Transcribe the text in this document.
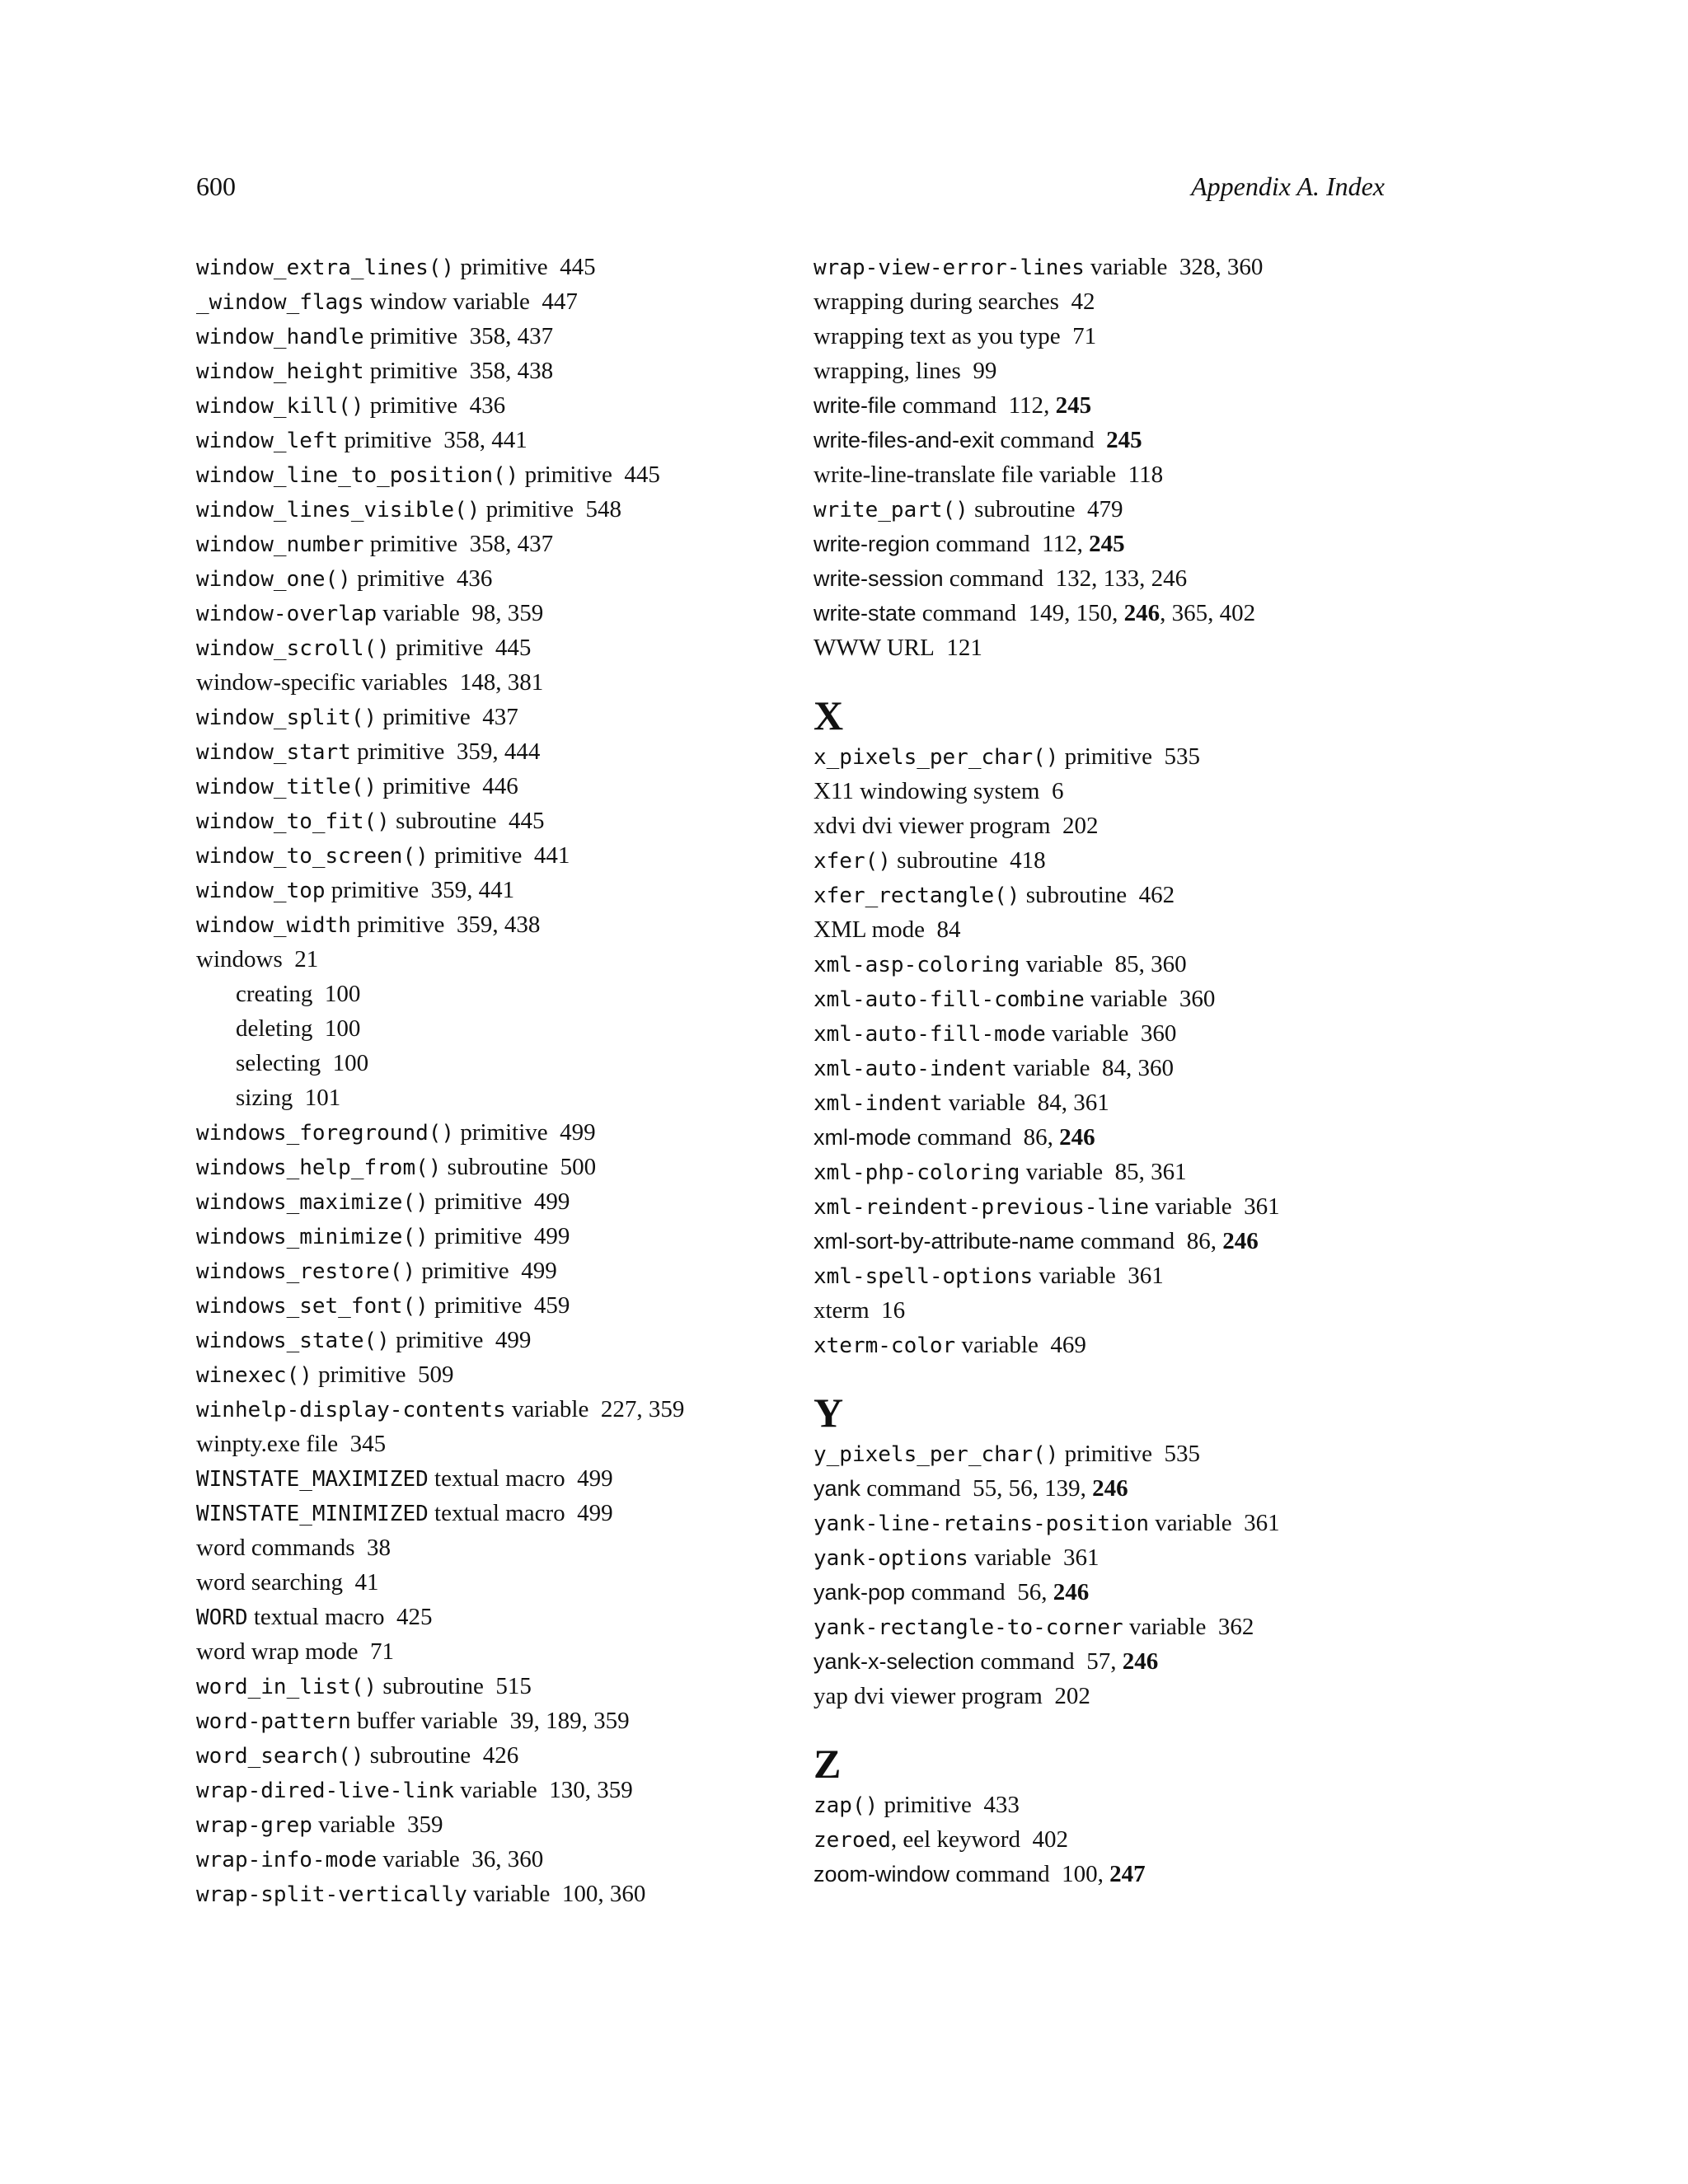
600	Appendix A. Index
window_extra_lines() primitive 445
_window_flags window variable 447
window_handle primitive 358, 437
window_height primitive 358, 438
window_kill() primitive 436
window_left primitive 358, 441
window_line_to_position() primitive 445
window_lines_visible() primitive 548
window_number primitive 358, 437
window_one() primitive 436
window-overlap variable 98, 359
window_scroll() primitive 445
window-specific variables 148, 381
window_split() primitive 437
window_start primitive 359, 444
window_title() primitive 446
window_to_fit() subroutine 445
window_to_screen() primitive 441
window_top primitive 359, 441
window_width primitive 359, 438
windows 21
creating 100
deleting 100
selecting 100
sizing 101
windows_foreground() primitive 499
windows_help_from() subroutine 500
windows_maximize() primitive 499
windows_minimize() primitive 499
windows_restore() primitive 499
windows_set_font() primitive 459
windows_state() primitive 499
winexec() primitive 509
winhelp-display-contents variable 227, 359
winpty.exe file 345
WINSTATE_MAXIMIZED textual macro 499
WINSTATE_MINIMIZED textual macro 499
word commands 38
word searching 41
WORD textual macro 425
word wrap mode 71
word_in_list() subroutine 515
word-pattern buffer variable 39, 189, 359
word_search() subroutine 426
wrap-dired-live-link variable 130, 359
wrap-grep variable 359
wrap-info-mode variable 36, 360
wrap-split-vertically variable 100, 360
wrap-view-error-lines variable 328, 360
wrapping during searches 42
wrapping text as you type 71
wrapping, lines 99
write-file command 112, 245
write-files-and-exit command 245
write-line-translate file variable 118
write_part() subroutine 479
write-region command 112, 245
write-session command 132, 133, 246
write-state command 149, 150, 246, 365, 402
WWW URL 121
X
x_pixels_per_char() primitive 535
X11 windowing system 6
xdvi dvi viewer program 202
xfer() subroutine 418
xfer_rectangle() subroutine 462
XML mode 84
xml-asp-coloring variable 85, 360
xml-auto-fill-combine variable 360
xml-auto-fill-mode variable 360
xml-auto-indent variable 84, 360
xml-indent variable 84, 361
xml-mode command 86, 246
xml-php-coloring variable 85, 361
xml-reindent-previous-line variable 361
xml-sort-by-attribute-name command 86, 246
xml-spell-options variable 361
xterm 16
xterm-color variable 469
Y
y_pixels_per_char() primitive 535
yank command 55, 56, 139, 246
yank-line-retains-position variable 361
yank-options variable 361
yank-pop command 56, 246
yank-rectangle-to-corner variable 362
yank-x-selection command 57, 246
yap dvi viewer program 202
Z
zap() primitive 433
zeroed, eel keyword 402
zoom-window command 100, 247
